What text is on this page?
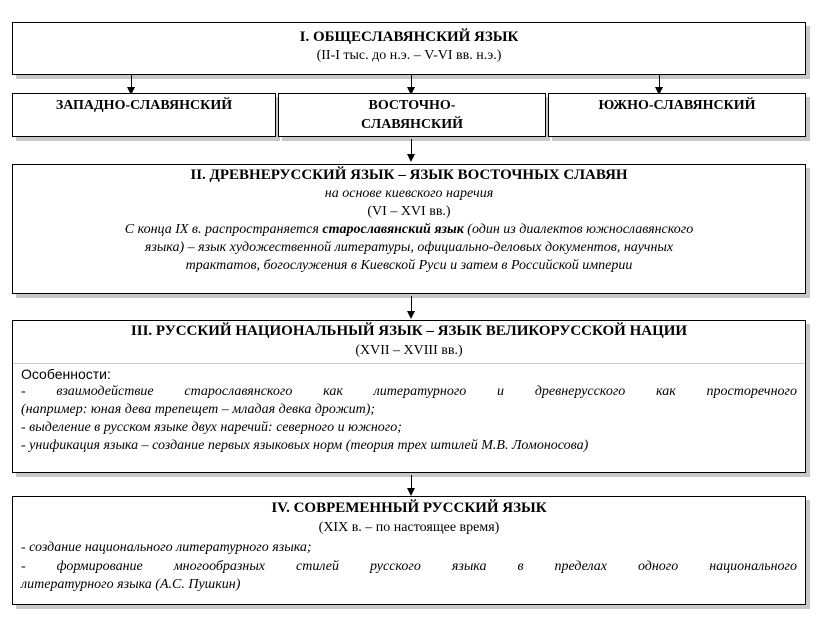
I. ОБЩЕСЛАВЯНСКИЙ ЯЗЫК
(II-I тыс. до н.э. – V-VI вв. н.э.)
ЗАПАДНО-СЛАВЯНСКИЙ	ВОСТОЧНО-
СЛАВЯНСКИЙ
ЮЖНО-СЛАВЯНСКИЙ
II. ДРЕВНЕРУССКИЙ ЯЗЫК – ЯЗЫК ВОСТОЧНЫХ СЛАВЯН
на основе киевского наречия
(VI – XVI вв.)
С конца IX в. распространяется старославянский язык (один из диалектов южнославянского
языка) – язык художественной литературы, официально-деловых документов, научных
трактатов, богослужения в Киевской Руси и затем в Российской империи
III. РУССКИЙ НАЦИОНАЛЬНЫЙ ЯЗЫК – ЯЗЫК ВЕЛИКОРУССКОЙ НАЦИИ
(XVII – XVIII вв.)
Особенности:
- взаимодействие старославянского как литературного и древнерусского как просторечного
(например: юная дева трепещет – младая девка дрожит);
- выделение в русском языке двух наречий: северного и южного;
- унификация языка – создание первых языковых норм (теория трех штилей М.В. Ломоносова)
IV. СОВРЕМЕННЫЙ РУССКИЙ ЯЗЫК
(XIX в. – по настоящее время)
- создание национального литературного языка;
- формирование многообразных стилей русского языка в пределах одного национального
литературного языка (А.С. Пушкин)
